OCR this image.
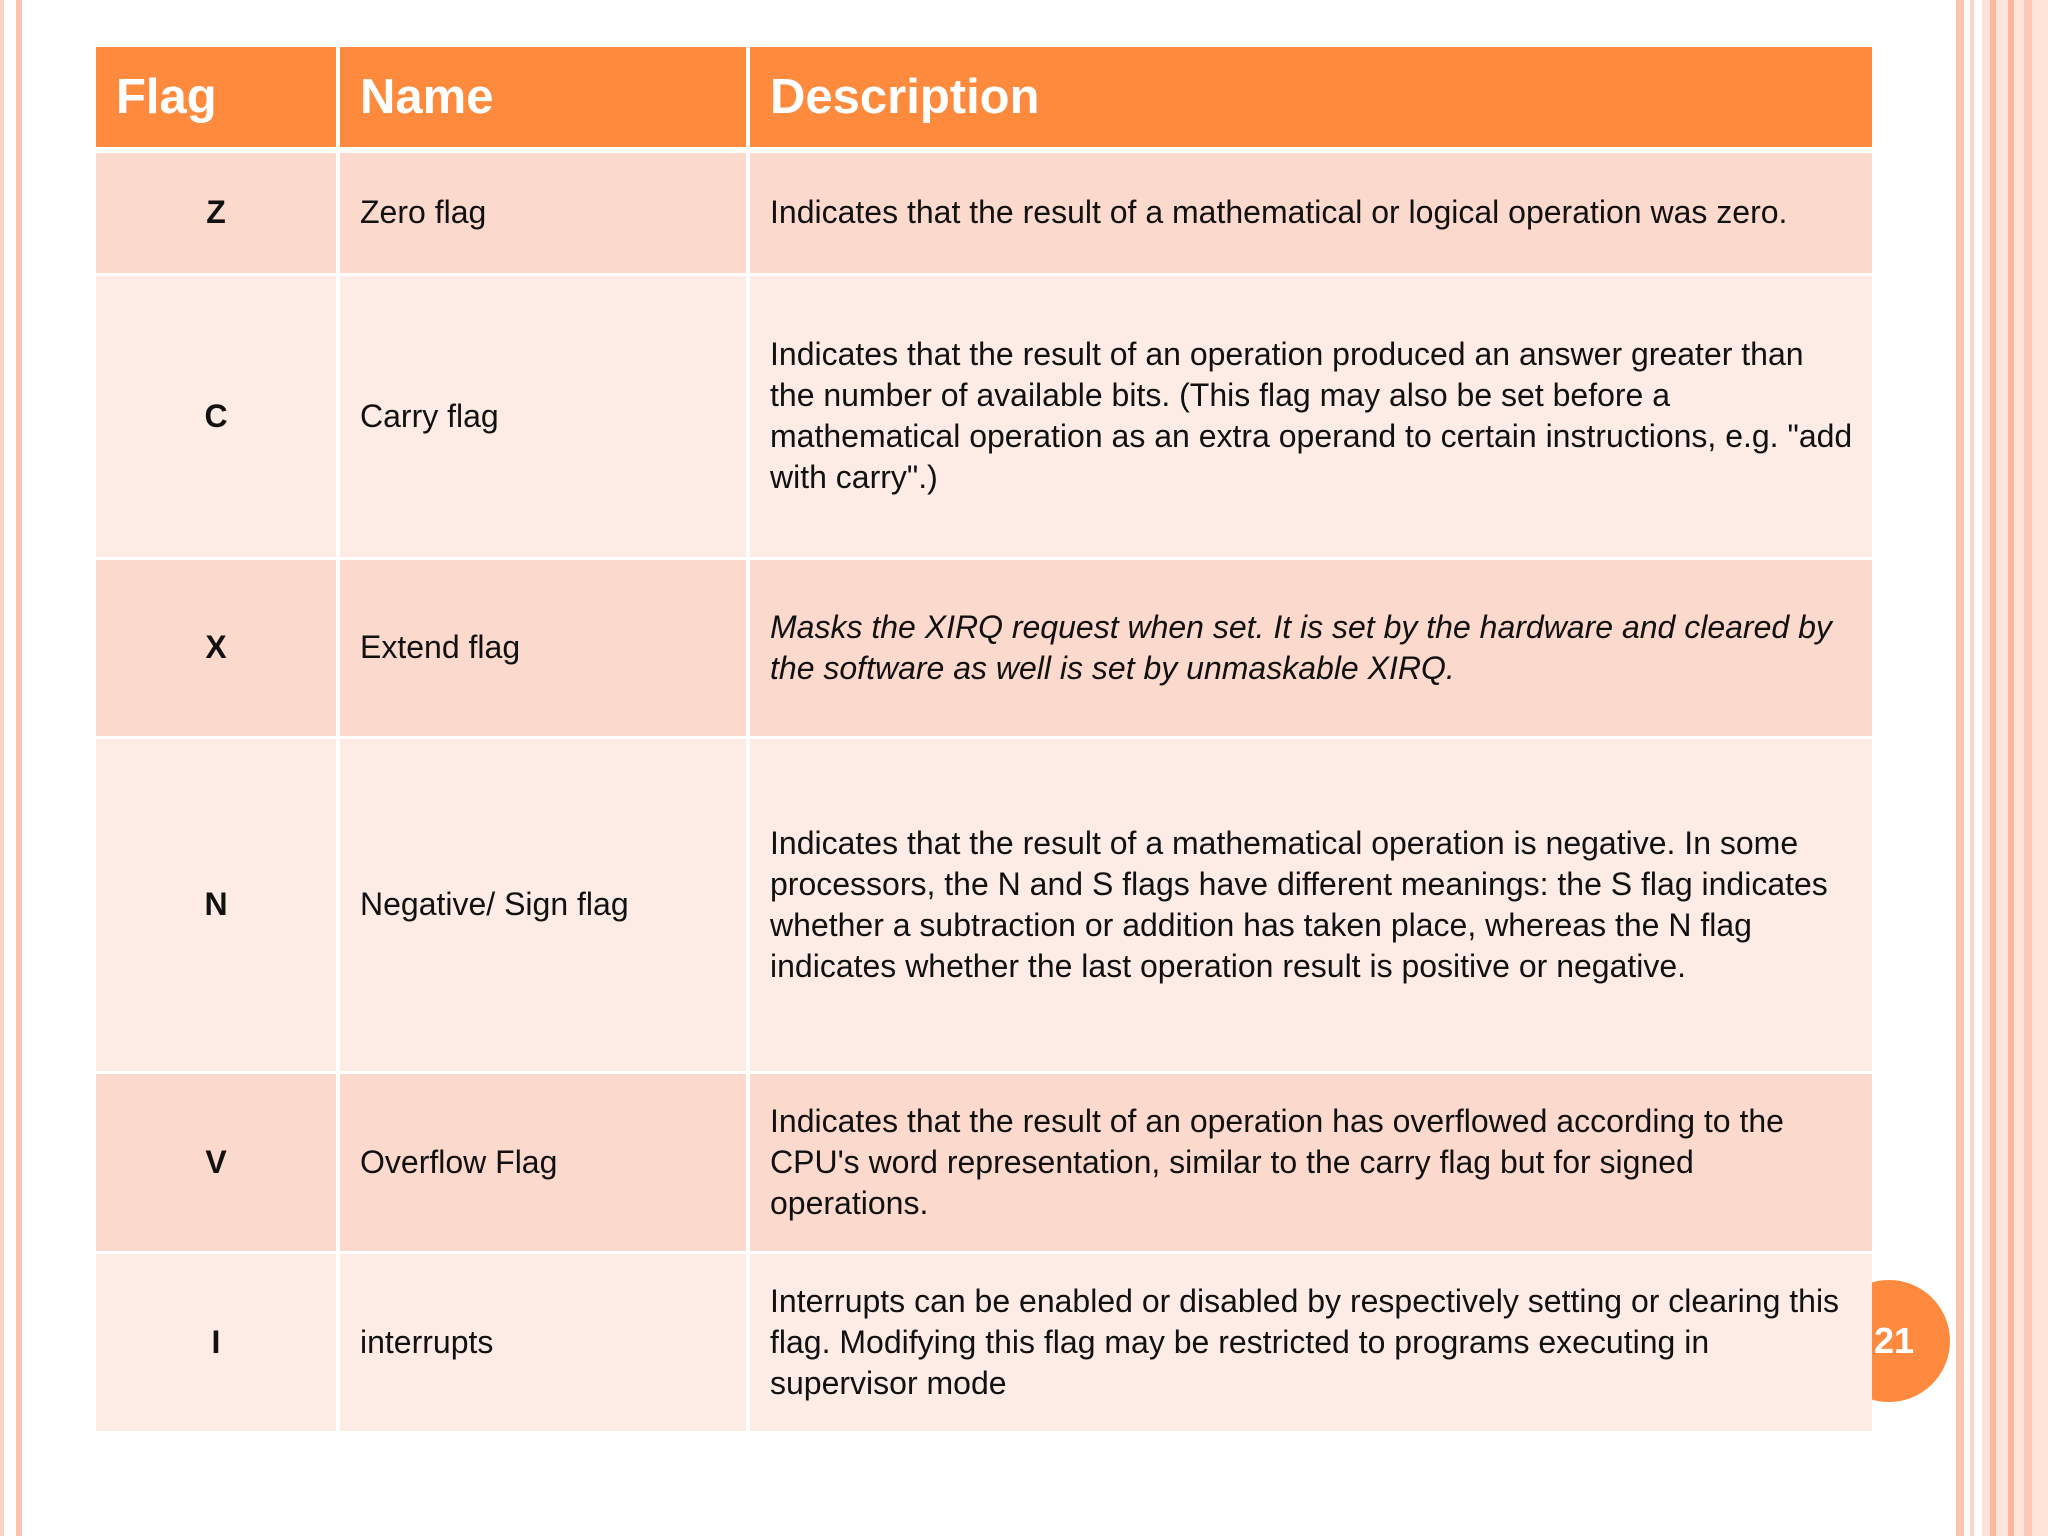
21
Flag	Name	Description
Z	Zero flag	Indicates that the result of a mathematical or logical operation was zero.
C	Carry flag	Indicates that the result of an operation produced an answer greater than the number of available bits. (This flag may also be set before a mathematical operation as an extra operand to certain instructions, e.g. "add with carry".)
X	Extend flag	Masks the XIRQ request when set. It is set by the hardware and cleared by the software as well is set by unmaskable XIRQ.
N	Negative/ Sign flag	Indicates that the result of a mathematical operation is negative. In some processors, the N and S flags have different meanings: the S flag indicates whether a subtraction or addition has taken place, whereas the N flag indicates whether the last operation result is positive or negative.
V	Overflow Flag	Indicates that the result of an operation has overflowed according to the CPU's word representation, similar to the carry flag but for signed operations.
I	interrupts	Interrupts can be enabled or disabled by respectively setting or clearing this flag. Modifying this flag may be restricted to programs executing in supervisor mode
